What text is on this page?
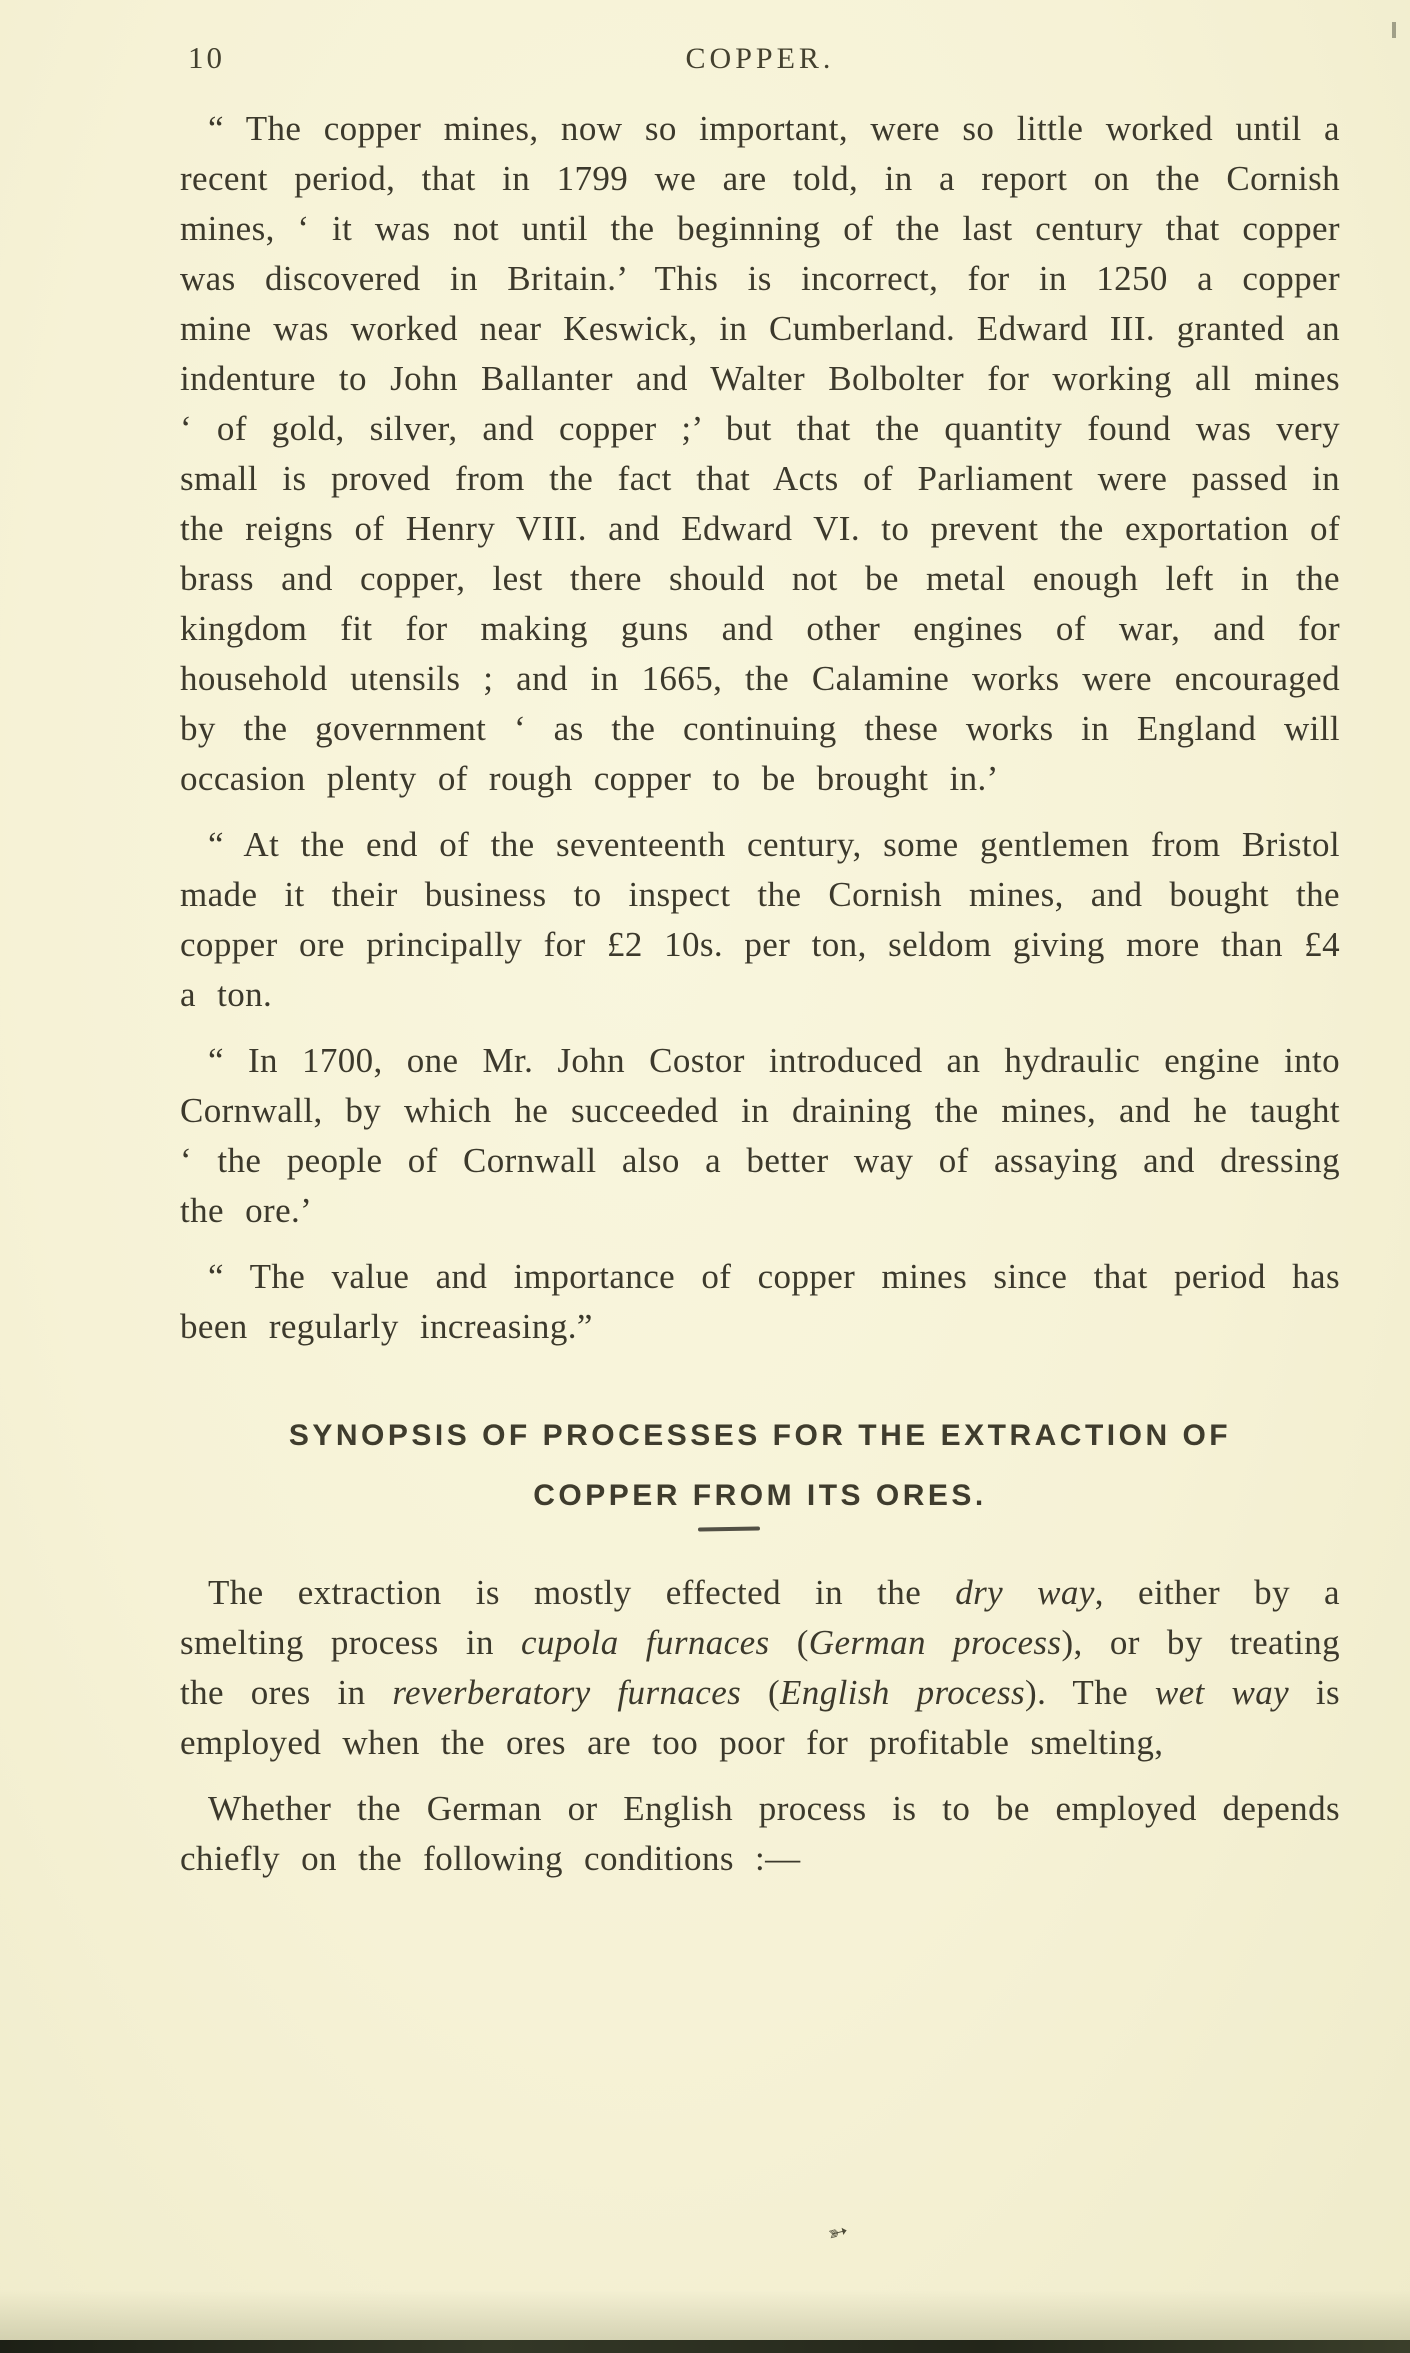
10	COPPER.

“ The copper mines, now so important, were so little worked until a recent period, that in 1799 we are told, in a report on the Cornish mines, ‘ it was not until the beginning of the last century that copper was discovered in Britain.’ This is incorrect, for in 1250 a copper mine was worked near Keswick, in Cumberland. Edward III. granted an indenture to John Ballanter and Walter Bolbolter for working all mines ‘ of gold, silver, and copper ;’ but that the quantity found was very small is proved from the fact that Acts of Parliament were passed in the reigns of Henry VIII. and Edward VI. to prevent the exportation of brass and copper, lest there should not be metal enough left in the kingdom fit for making guns and other engines of war, and for household utensils ; and in 1665, the Calamine works were encouraged by the government ‘ as the continuing these works in England will occasion plenty of rough copper to be brought in.’

“ At the end of the seventeenth century, some gentlemen from Bristol made it their business to inspect the Cornish mines, and bought the copper ore principally for £2 10s. per ton, seldom giving more than £4 a ton.

“ In 1700, one Mr. John Costor introduced an hydraulic engine into Cornwall, by which he succeeded in draining the mines, and he taught ‘ the people of Cornwall also a better way of assaying and dressing the ore.’

“ The value and importance of copper mines since that period has been regularly increasing.”

SYNOPSIS OF PROCESSES FOR THE EXTRACTION OF
COPPER FROM ITS ORES.

The extraction is mostly effected in the dry way, either by a smelting process in cupola furnaces (German process), or by treating the ores in reverberatory furnaces (English process). The wet way is employed when the ores are too poor for profitable smelting,

Whether the German or English process is to be employed depends chiefly on the following conditions :—

➳
